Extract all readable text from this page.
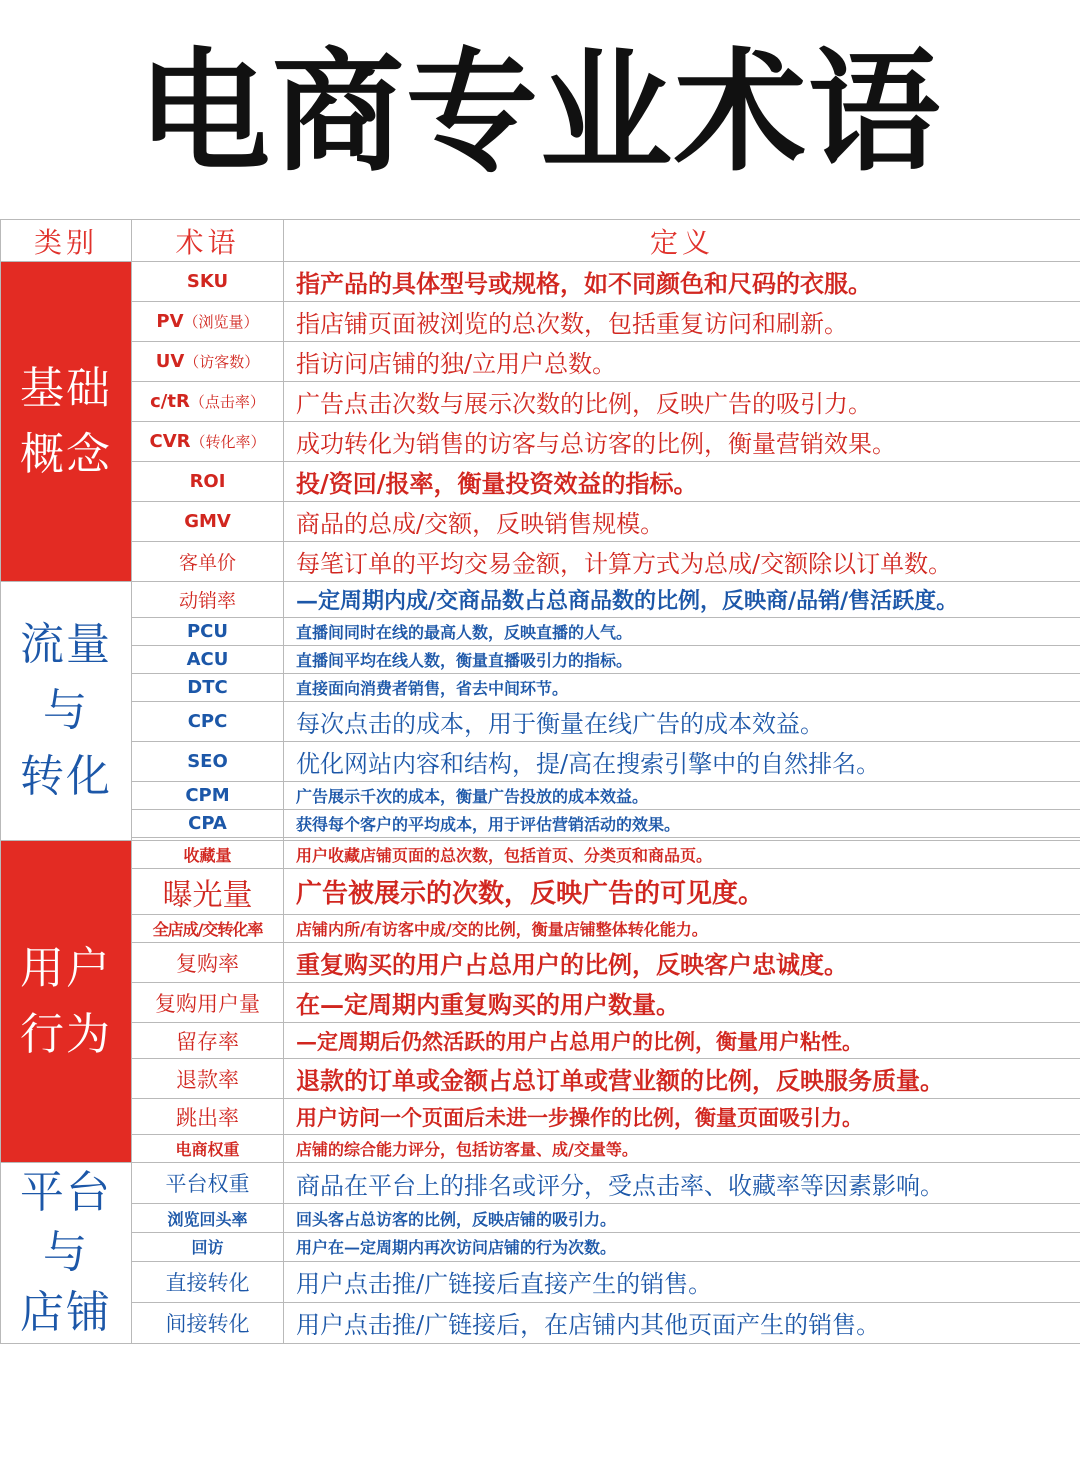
电商专业术语
类别	术语	定义

基础
概念	SKU	指产品的具体型号或规格，如不同颜色和尺码的衣服。
	PV（浏览量）	指店铺页面被浏览的总次数，包括重复访问和刷新。
	UV（访客数）	指访问店铺的独/立用户总数。
	c/tR（点击率）	广告点击次数与展示次数的比例，反映广告的吸引力。
	CVR（转化率）	成功转化为销售的访客与总访客的比例，衡量营销效果。
	ROI	投/资回/报率，衡量投资效益的指标。
	GMV	商品的总成/交额，反映销售规模。
	客单价	每笔订单的平均交易金额，计算方式为总成/交额除以订单数。

流量
与
转化	动销率	—定周期内成/交商品数占总商品数的比例，反映商/品销/售活跃度。
	PCU	直播间同时在线的最高人数，反映直播的人气。
	ACU	直播间平均在线人数，衡量直播吸引力的指标。
	DTC	直接面向消费者销售，省去中间环节。
	CPC	每次点击的成本，用于衡量在线广告的成本效益。
	SEO	优化网站内容和结构，提/高在搜索引擎中的自然排名。
	CPM	广告展示千次的成本，衡量广告投放的成本效益。
	CPA	获得每个客户的平均成本，用于评估营销活动的效果。

用户
行为	收藏量	用户收藏店铺页面的总次数，包括首页、分类页和商品页。
	曝光量	广告被展示的次数，反映广告的可见度。
	全店成/交转化率	店铺内所/有访客中成/交的比例，衡量店铺整体转化能力。
	复购率	重复购买的用户占总用户的比例，反映客户忠诚度。
	复购用户量	在—定周期内重复购买的用户数量。
	留存率	—定周期后仍然活跃的用户占总用户的比例，衡量用户粘性。
	退款率	退款的订单或金额占总订单或营业额的比例，反映服务质量。
	跳出率	用户访问一个页面后未进一步操作的比例，衡量页面吸引力。
	电商权重	店铺的综合能力评分，包括访客量、成/交量等。

平台
与
店铺	平台权重	商品在平台上的排名或评分，受点击率、收藏率等因素影响。
	浏览回头率	回头客占总访客的比例，反映店铺的吸引力。
	回访	用户在—定周期内再次访问店铺的行为次数。
	直接转化	用户点击推/广链接后直接产生的销售。
	间接转化	用户点击推/广链接后，在店铺内其他页面产生的销售。
